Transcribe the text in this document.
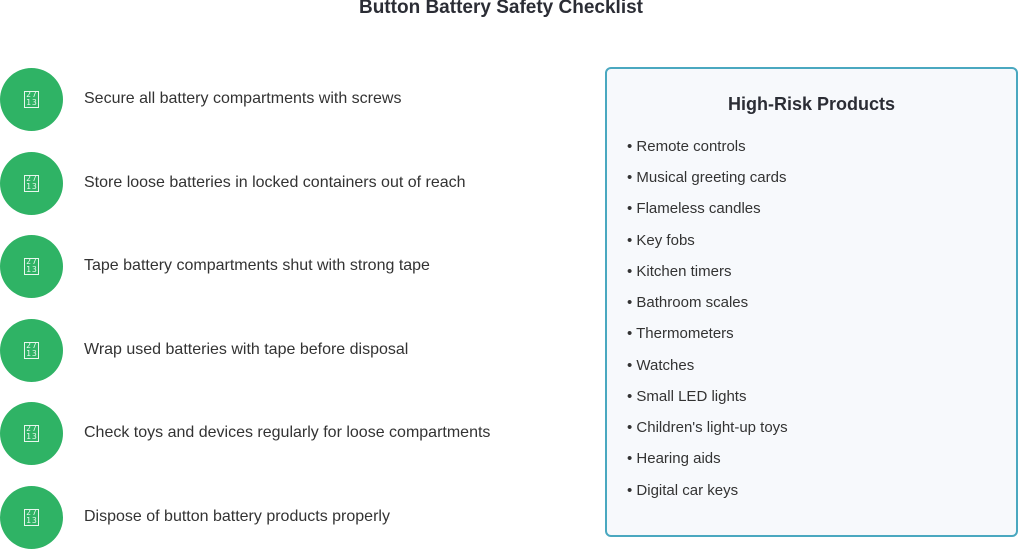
Button Battery Safety Checklist
27
13	Secure all battery compartments with screws
27
13	Store loose batteries in locked containers out of reach
27
13	Tape battery compartments shut with strong tape
27
13	Wrap used batteries with tape before disposal
27
13	Check toys and devices regularly for loose compartments
27
13	Dispose of button battery products properly
High-Risk Products
• Remote controls
• Musical greeting cards
• Flameless candles
• Key fobs
• Kitchen timers
• Bathroom scales
• Thermometers
• Watches
• Small LED lights
• Children's light-up toys
• Hearing aids
• Digital car keys
